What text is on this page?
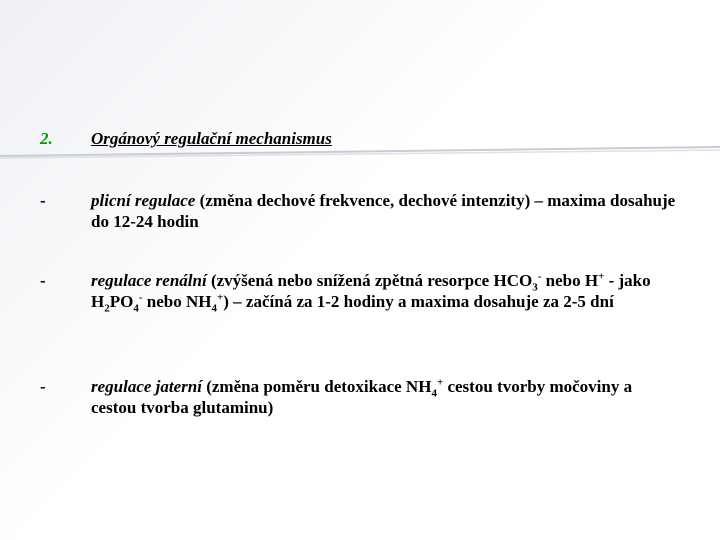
2. Orgánový regulační mechanismus
-	plicní regulace (změna dechové frekvence, dechové intenzity) – maxima dosahuje do 12-24 hodin
-	regulace renální (zvýšená nebo snížená zpětná resorpce $HCO_3^-$ nebo H+ - jako $H_2PO_4^-$ nebo $NH_4^+$) – začíná za 1-2 hodiny a maxima dosahuje za 2-5 dní
-	regulace jaterní (změna poměru detoxikace $NH_4^+$ cestou tvorby močoviny a cestou tvorba glutaminu)
